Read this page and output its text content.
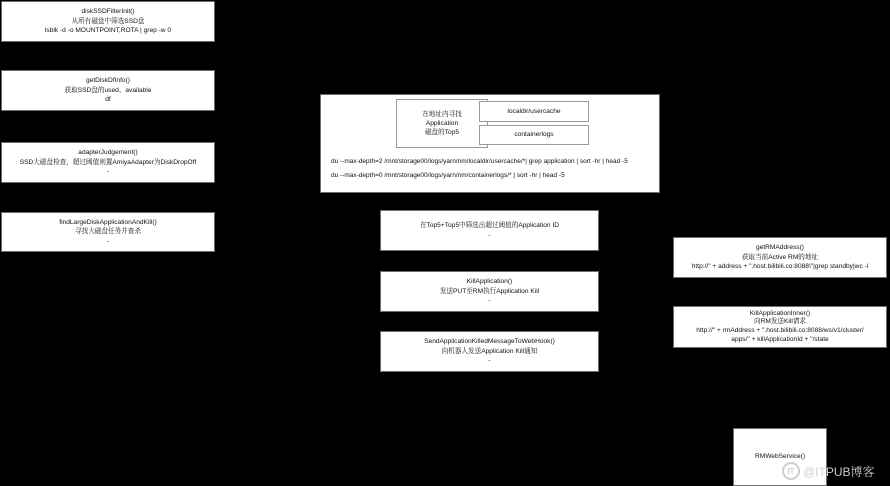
diskSSDFilterInit()
从所有磁盘中筛选SSD盘
lsblk -d -o MOUNTPOINT,ROTA | grep -w 0
getDiskDfInfo()
获取SSD盘的used、available
df
adapterJudgement()
SSD大磁盘检查，超过阈值则置AmiyaAdapter为DiskDropOff
-
findLargeDiskApplicationAndKill()
寻找大磁盘任务并查杀
-
在地址内寻找
Application
磁盘的Top5
localdir/usercache
containerlogs
du --max-depth=2 /mnt/storage00/logs/yarn/nm/localdir/usercache/*| grep application | sort -hr | head -5
du --max-depth=0 /mnt/storage00/logs/yarn/nm/containerlogs/* | sort -hr | head -5
在Top5+Top5中筛选出超过阈值的Application ID
-
KillApplication()
发送PUT至RM执行Application Kill
-
SendApplicationKilledMessageToWebHook()
向机器人发送Application Kill通知
-
getRMAddress()
获取当前Active RM的地址
http://" + address + ".host.bilibili.co:8088\"|grep standby|wc -l
KillApplicationInner()
向RM发送Kill请求
http://" + rmAddress + ".host.bilibili.co:8088/ws/v1/cluster/
apps/" + killApplicationId + "/state
RMWebService()
IT @ITPUB博客
